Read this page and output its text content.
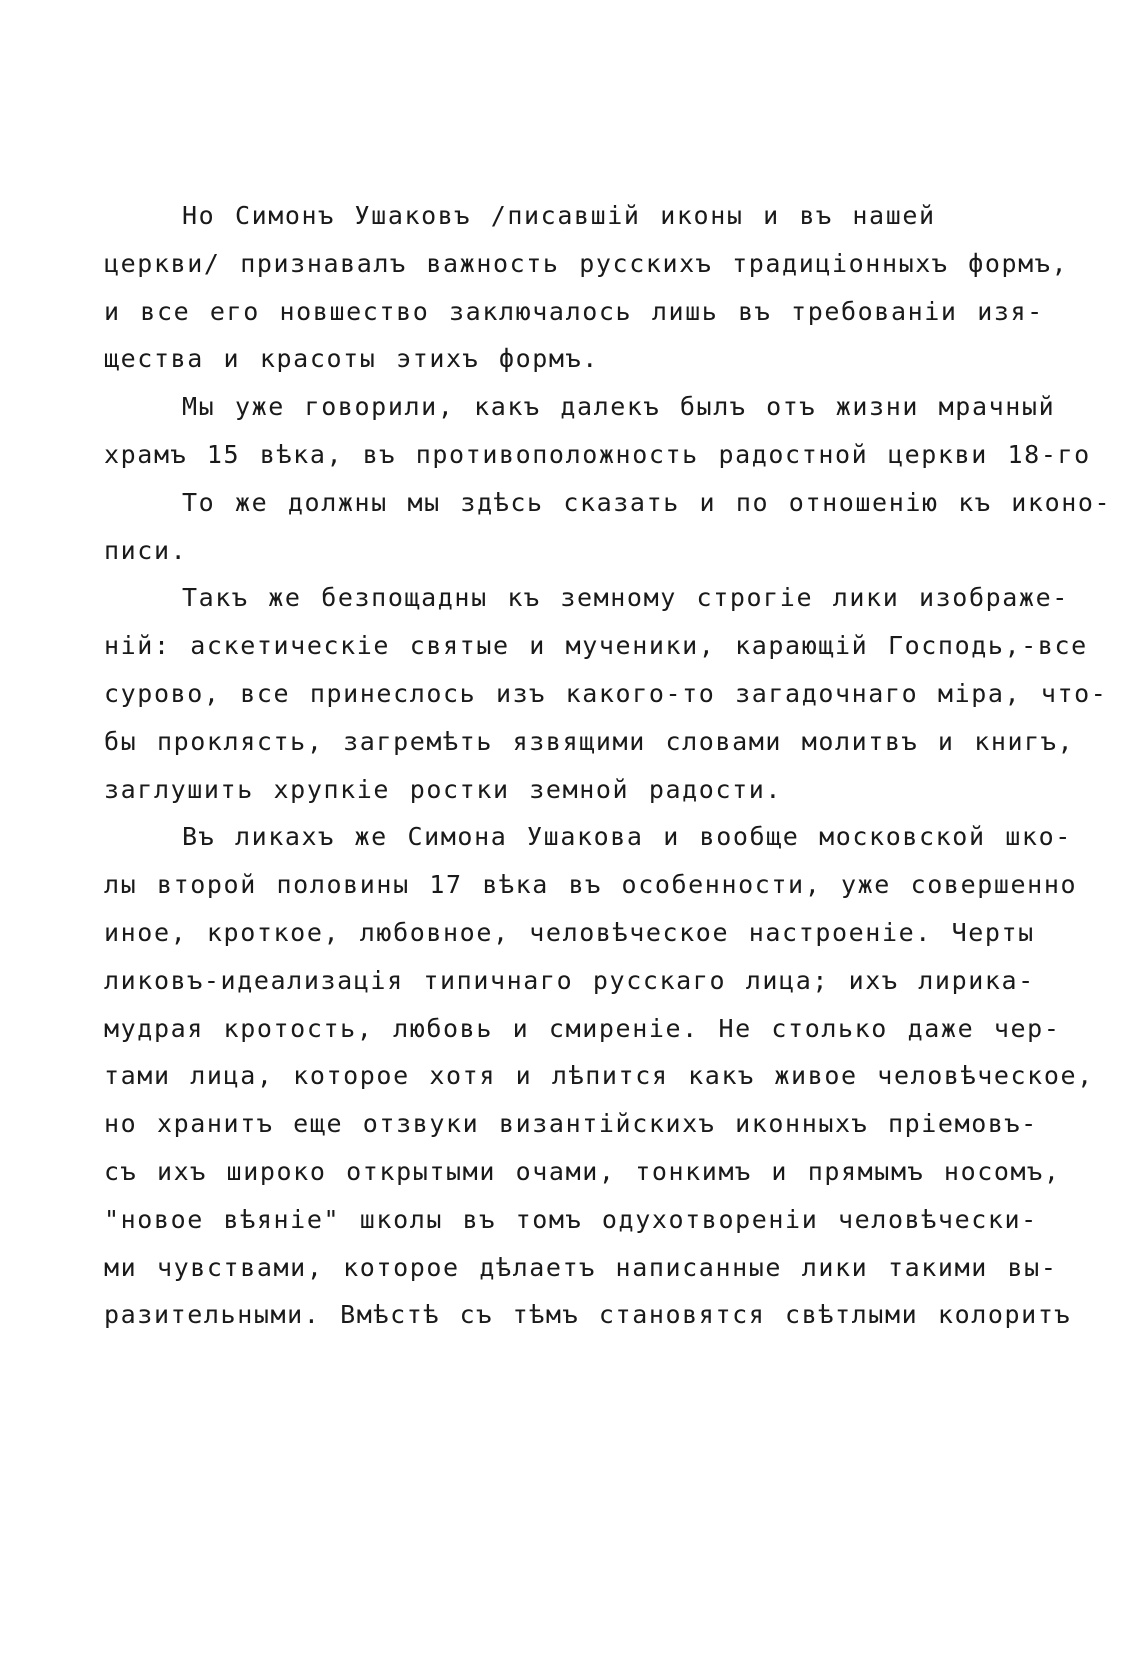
Но Симонъ Ушаковъ /писавшій иконы и въ нашей
церкви/ признавалъ важность русскихъ традиціонныхъ формъ,
и все его новшество заключалось лишь въ требованіи изя-
щества и красоты этихъ формъ.
Мы уже говорили, какъ далекъ былъ отъ жизни мрачный
храмъ 15 вѣка, въ противоположность радостной церкви 18-го
То же должны мы здѣсь сказать и по отношенію къ иконо-
писи.
Такъ же безпощадны къ земному строгіе лики изображе-
ній: аскетическіе святые и мученики, карающій Господь,-все
сурово, все принеслось изъ какого-то загадочнаго міра, что-
бы проклясть, загремѣть язвящими словами молитвъ и книгъ,
заглушить хрупкіе ростки земной радости.
Въ ликахъ же Симона Ушакова и вообще московской шко-
лы второй половины 17 вѣка въ особенности, уже совершенно
иное, кроткое, любовное, человѣческое настроеніе. Черты
ликовъ-идеализація типичнаго русскаго лица; ихъ лирика-
мудрая кротость, любовь и смиреніе. Не столько даже чер-
тами лица, которое хотя и лѣпится какъ живое человѣческое,
но хранитъ еще отзвуки византійскихъ иконныхъ пріемовъ-
съ ихъ широко открытыми очами, тонкимъ и прямымъ носомъ,
"новое вѣяніе" школы въ томъ одухотвореніи человѣчески-
ми чувствами, которое дѣлаетъ написанные лики такими вы-
разительными. Вмѣстѣ съ тѣмъ становятся свѣтлыми колоритъ
